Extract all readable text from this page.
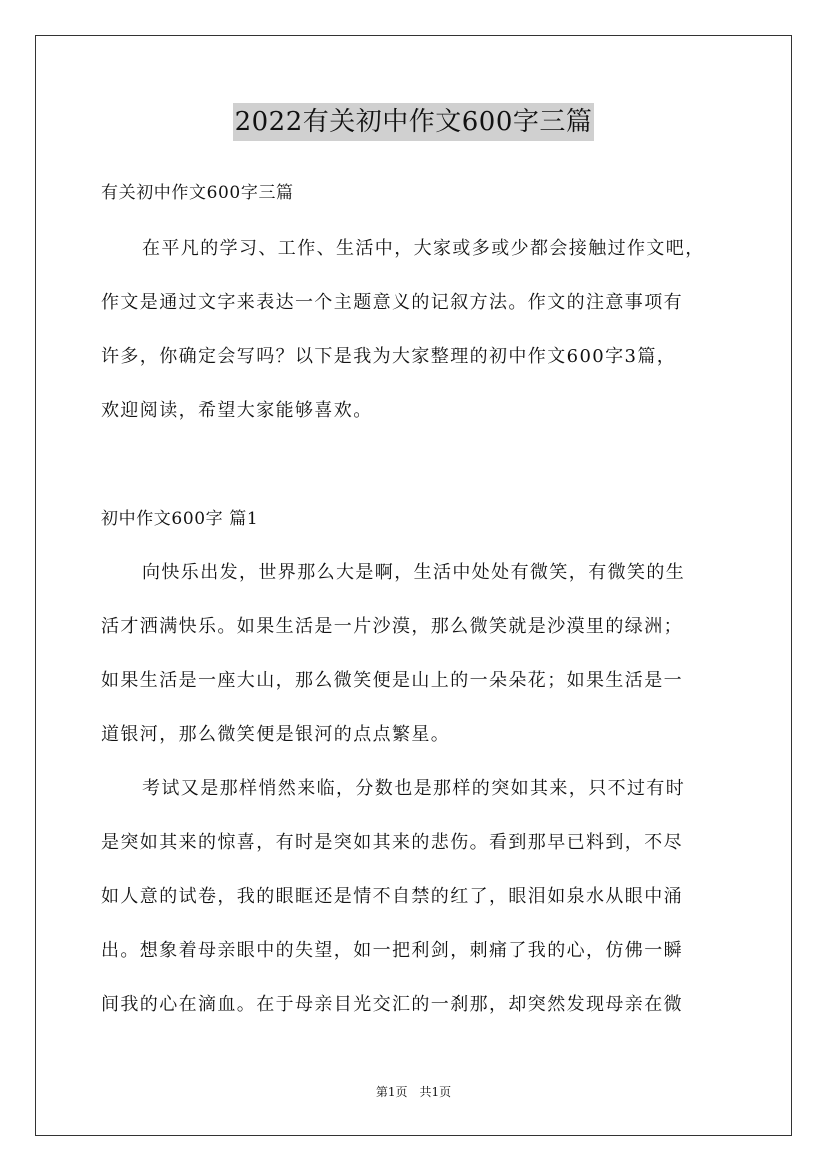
2022有关初中作文600字三篇
有关初中作文600字三篇
在平凡的学习、工作、生活中，大家或多或少都会接触过作文吧，
作文是通过文字来表达一个主题意义的记叙方法。作文的注意事项有
许多，你确定会写吗？以下是我为大家整理的初中作文600字3篇，
欢迎阅读，希望大家能够喜欢。
初中作文600字 篇1
向快乐出发，世界那么大是啊，生活中处处有微笑，有微笑的生
活才洒满快乐。如果生活是一片沙漠，那么微笑就是沙漠里的绿洲；
如果生活是一座大山，那么微笑便是山上的一朵朵花；如果生活是一
道银河，那么微笑便是银河的点点繁星。
考试又是那样悄然来临，分数也是那样的突如其来，只不过有时
是突如其来的惊喜，有时是突如其来的悲伤。看到那早已料到，不尽
如人意的试卷，我的眼眶还是情不自禁的红了，眼泪如泉水从眼中涌
出。想象着母亲眼中的失望，如一把利剑，刺痛了我的心，仿佛一瞬
间我的心在滴血。在于母亲目光交汇的一刹那，却突然发现母亲在微
第1页　共1页
